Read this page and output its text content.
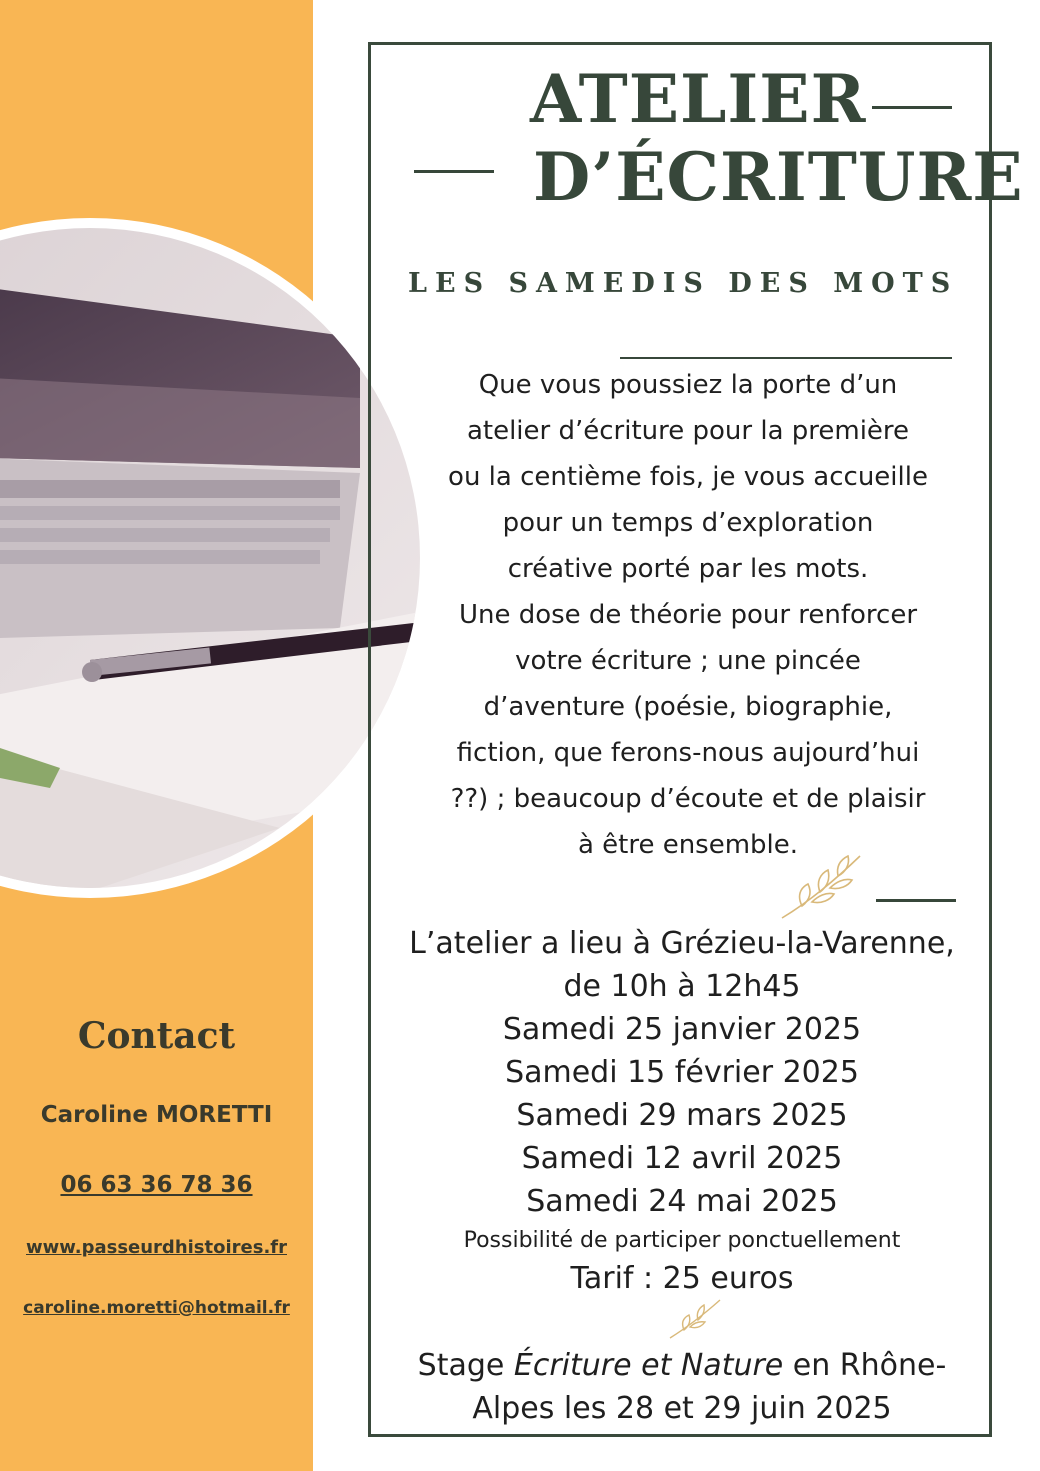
ATELIER
D’ÉCRITURE
LES SAMEDIS DES MOTS
Que vous poussiez la porte d’un
atelier d’écriture pour la première
ou la centième fois, je vous accueille
pour un temps d’exploration
créative porté par les mots.
Une dose de théorie pour renforcer
votre écriture ; une pincée
d’aventure (poésie, biographie,
fiction, que ferons-nous aujourd’hui
??) ; beaucoup d’écoute et de plaisir
à être ensemble.
L’atelier a lieu à Grézieu-la-Varenne,
de 10h à 12h45
Samedi 25 janvier 2025
Samedi 15 février 2025
Samedi 29 mars 2025
Samedi 12 avril 2025
Samedi 24 mai 2025
Possibilité de participer ponctuellement
Tarif : 25 euros
Stage Écriture et Nature en Rhône-
Alpes les 28 et 29 juin 2025
Contact
Caroline MORETTI
06 63 36 78 36
www.passeurdhistoires.fr
caroline.moretti@hotmail.fr
